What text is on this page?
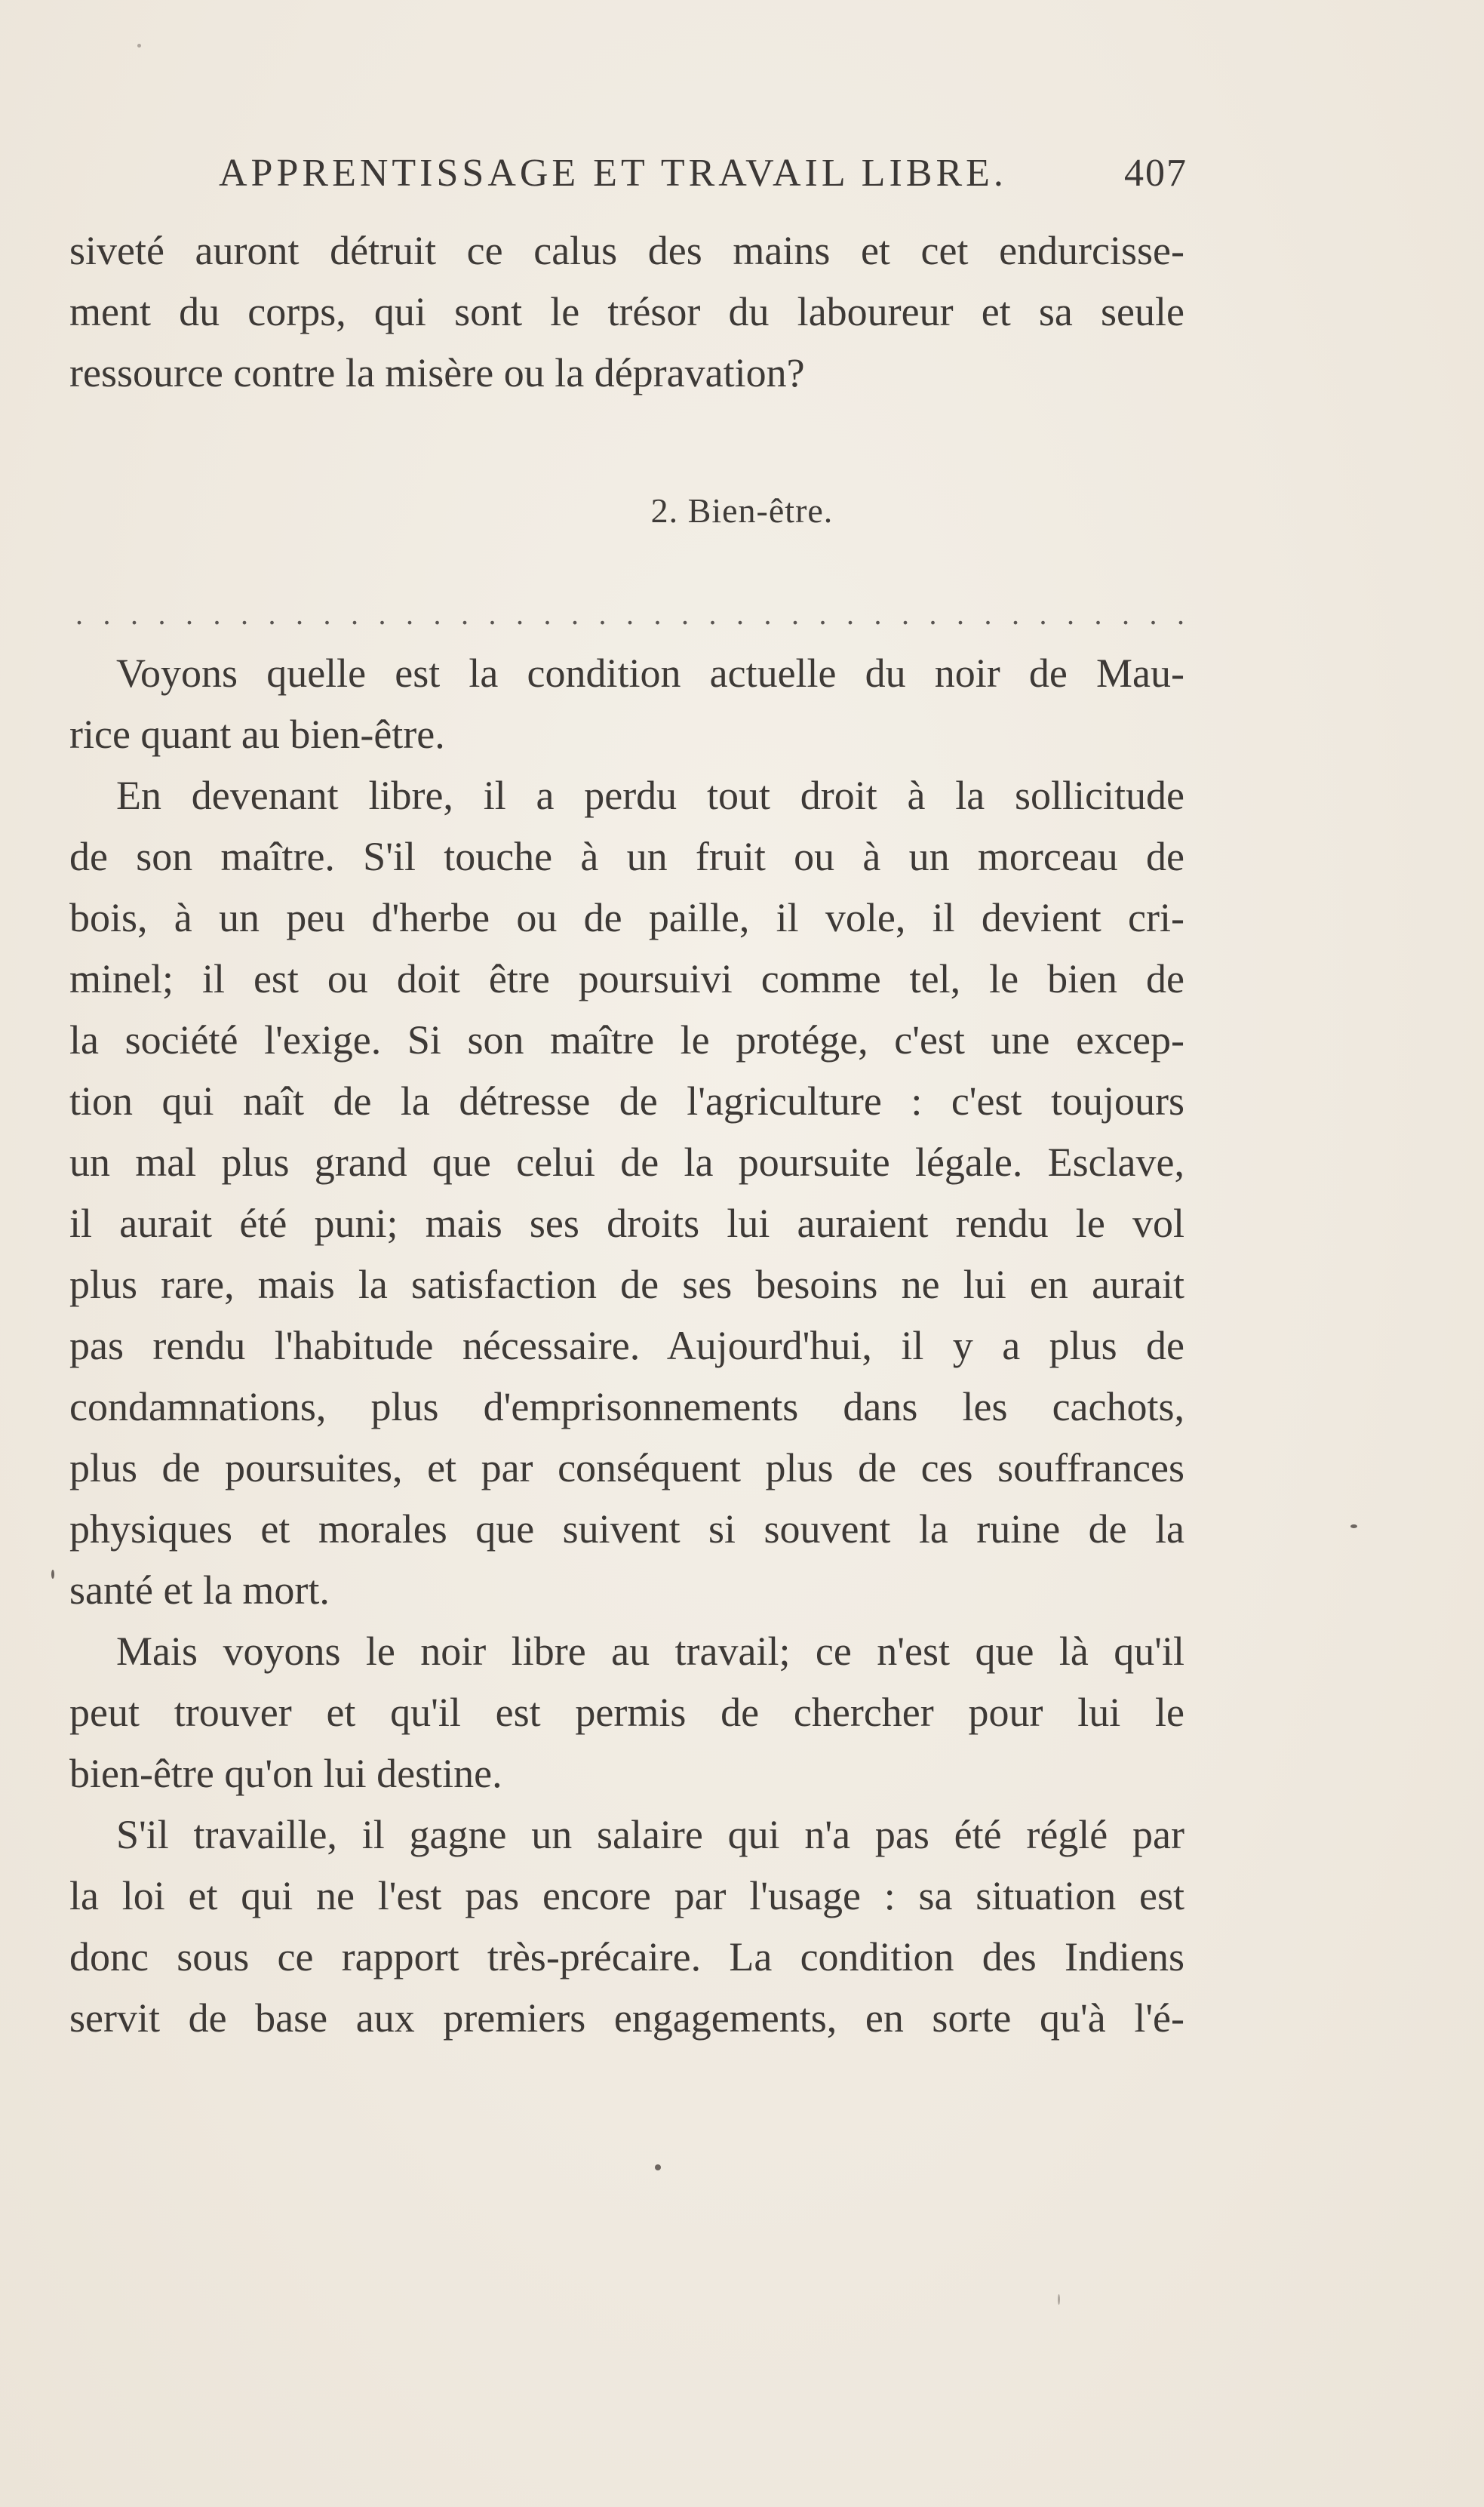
APPRENTISSAGE ET TRAVAIL LIBRE.	407
siveté auront détruit ce calus des mains et cet endurcisse-
ment du corps, qui sont le trésor du laboureur et sa seule
ressource contre la misère ou la dépravation?
2. Bien-être.
. . . . . . . . . . . . . . . . . . . . . . . . . . . . . . . . . . . . . . . . .
Voyons quelle est la condition actuelle du noir de Mau-
rice quant au bien-être.
En devenant libre, il a perdu tout droit à la sollicitude
de son maître. S'il touche à un fruit ou à un morceau de
bois, à un peu d'herbe ou de paille, il vole, il devient cri-
minel; il est ou doit être poursuivi comme tel, le bien de
la société l'exige. Si son maître le protége, c'est une excep-
tion qui naît de la détresse de l'agriculture : c'est toujours
un mal plus grand que celui de la poursuite légale. Esclave,
il aurait été puni; mais ses droits lui auraient rendu le vol
plus rare, mais la satisfaction de ses besoins ne lui en aurait
pas rendu l'habitude nécessaire. Aujourd'hui, il y a plus de
condamnations, plus d'emprisonnements dans les cachots,
plus de poursuites, et par conséquent plus de ces souffrances
physiques et morales que suivent si souvent la ruine de la
santé et la mort.
Mais voyons le noir libre au travail; ce n'est que là qu'il
peut trouver et qu'il est permis de chercher pour lui le
bien-être qu'on lui destine.
S'il travaille, il gagne un salaire qui n'a pas été réglé par
la loi et qui ne l'est pas encore par l'usage : sa situation est
donc sous ce rapport très-précaire. La condition des Indiens
servit de base aux premiers engagements, en sorte qu'à l'é-
